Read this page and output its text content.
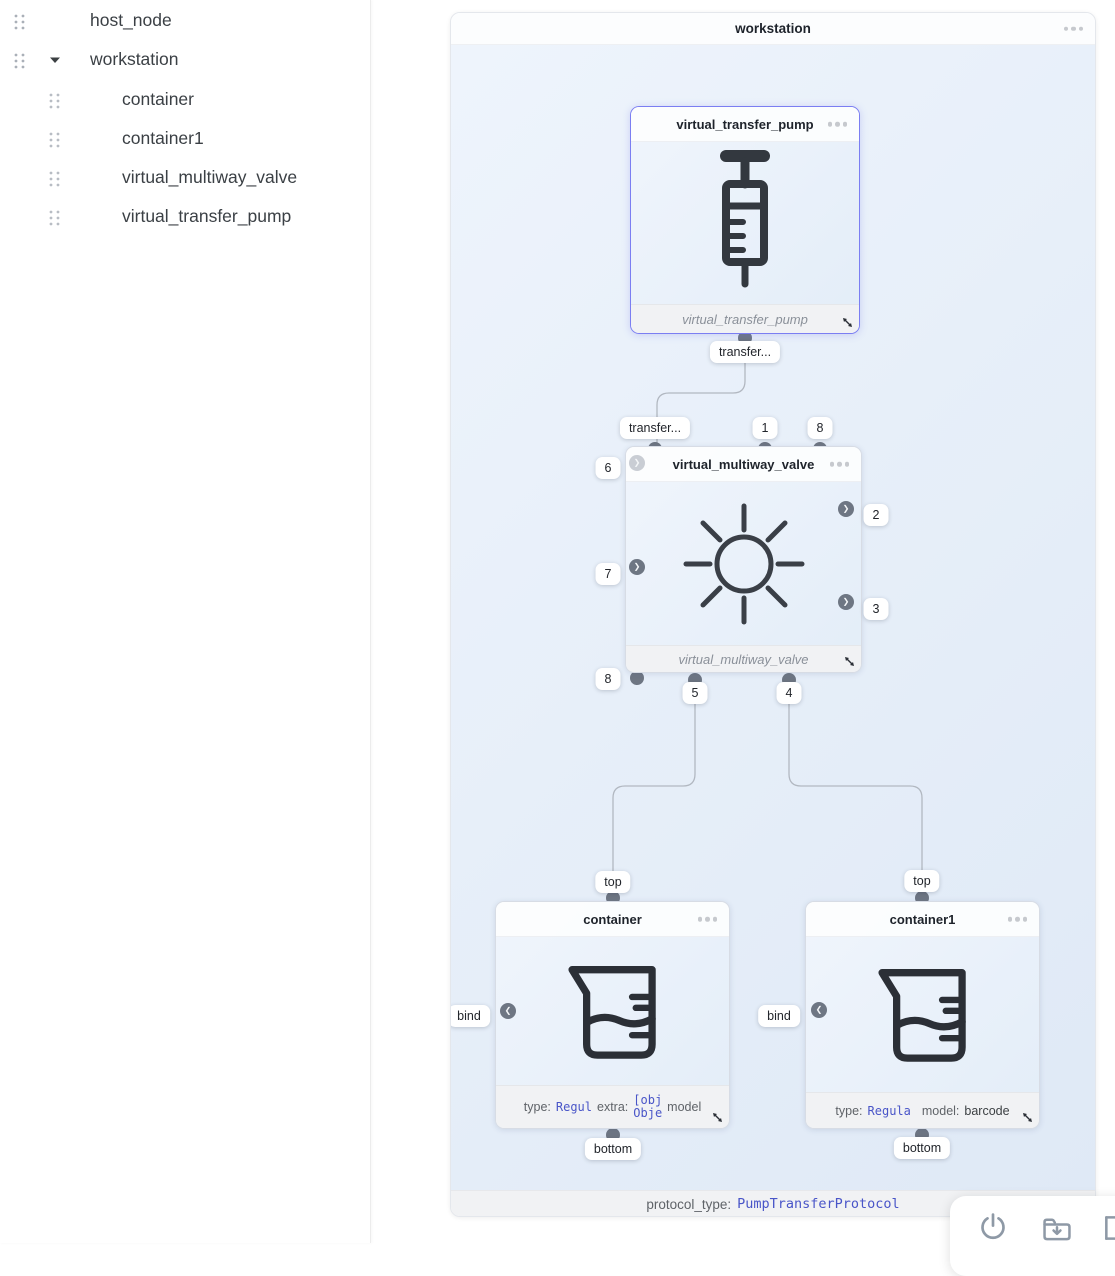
host_node
workstation
container
container1
virtual_multiway_valve
virtual_transfer_pump
workstation
virtual_transfer_pump
virtual_transfer_pump
virtual_multiway_valve
virtual_multiway_valve
container
type: Regul extra: [obj
Obje model
container1
type: Regula model: barcode
❯
❯
❯
❯
❮	❮
transfer...
transfer...	1	8
6
7
8
2
3
5	4
top
bind
bottom
top
bind
bottom
protocol_type: PumpTransferProtocol
